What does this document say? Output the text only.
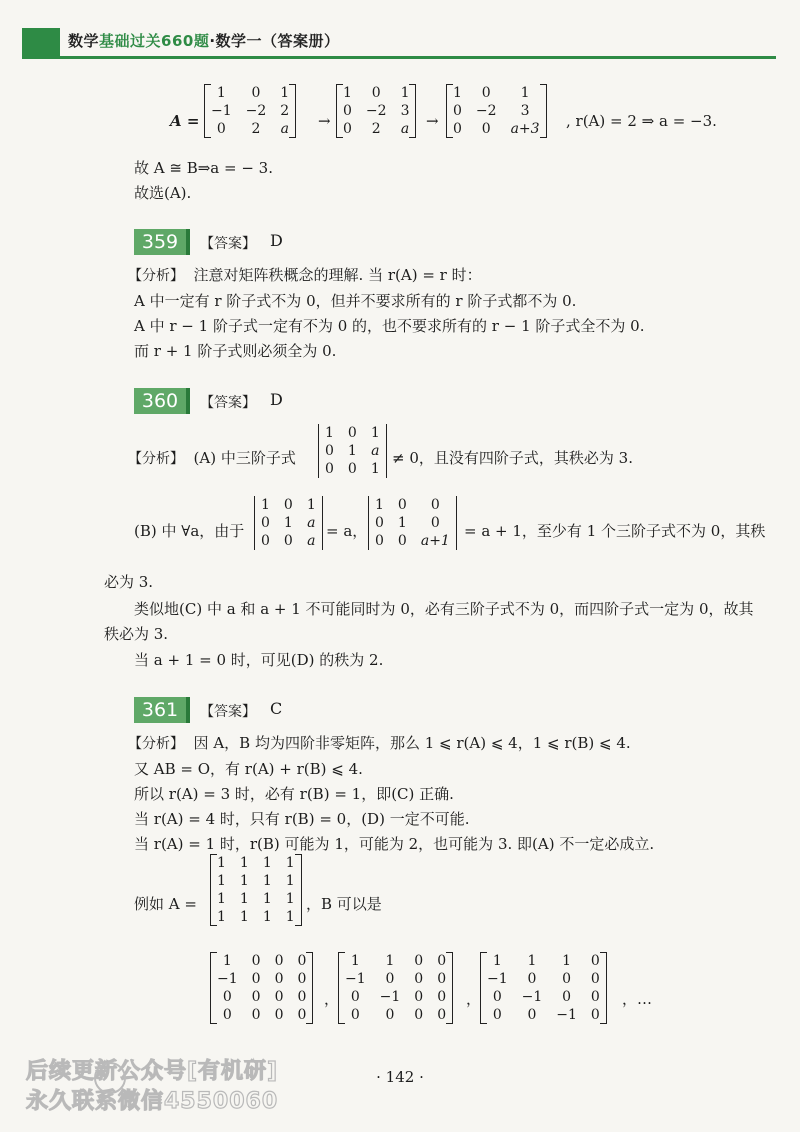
数学基础过关660题·数学一（答案册）
A =
1	0	1
−1	−2	2
0	2	a →
1	0	1
0	−2	3
0	2	a →
1	0	1
0	−2	3
0	0	a+3 , r(A) = 2 ⇒ a = −3.
故 A ≅ B⇒a = − 3.
故选(A).
359	【答案】 D
【分析】 注意对矩阵秩概念的理解. 当 r(A) = r 时：
A 中一定有 r 阶子式不为 0，但并不要求所有的 r 阶子式都不为 0.
A 中 r − 1 阶子式一定有不为 0 的，也不要求所有的 r − 1 阶子式全不为 0.
而 r + 1 阶子式则必须全为 0.
360	【答案】 D
【分析】 (A) 中三阶子式
1	0	1
0	1	a
0	0	1
≠ 0，且没有四阶子式，其秩必为 3.
(B) 中 ∀a，由于
1	0	1
0	1	a
0	0	a
= a，
1	0	0
0	1	0
0	0	a+1
= a + 1，至少有 1 个三阶子式不为 0，其秩
必为 3.
类似地(C) 中 a 和 a + 1 不可能同时为 0，必有三阶子式不为 0，而四阶子式一定为 0，故其
秩必为 3.
当 a + 1 = 0 时，可见(D) 的秩为 2.
361	【答案】 C
【分析】 因 A，B 均为四阶非零矩阵，那么 1 ⩽ r(A) ⩽ 4，1 ⩽ r(B) ⩽ 4.
又 AB = O，有 r(A) + r(B) ⩽ 4.
所以 r(A) = 3 时，必有 r(B) = 1，即(C) 正确.
当 r(A) = 4 时，只有 r(B) = 0，(D) 一定不可能.
当 r(A) = 1 时，r(B) 可能为 1，可能为 2，也可能为 3. 即(A) 不一定必成立.
例如 A =
1	1	1	1
1	1	1	1
1	1	1	1
1	1	1	1
，B 可以是
1	0	0	0
−1	0	0	0
0	0	0	0
0	0	0	0
，
1	1	0	0
−1	0	0	0
0	−1	0	0
0	0	0	0
，
1	1	1	0
−1	0	0	0
0	−1	0	0
0	0	−1	0
，…
· 142 ·
后续更新公众号[有机研]
永久联系微信4550060
